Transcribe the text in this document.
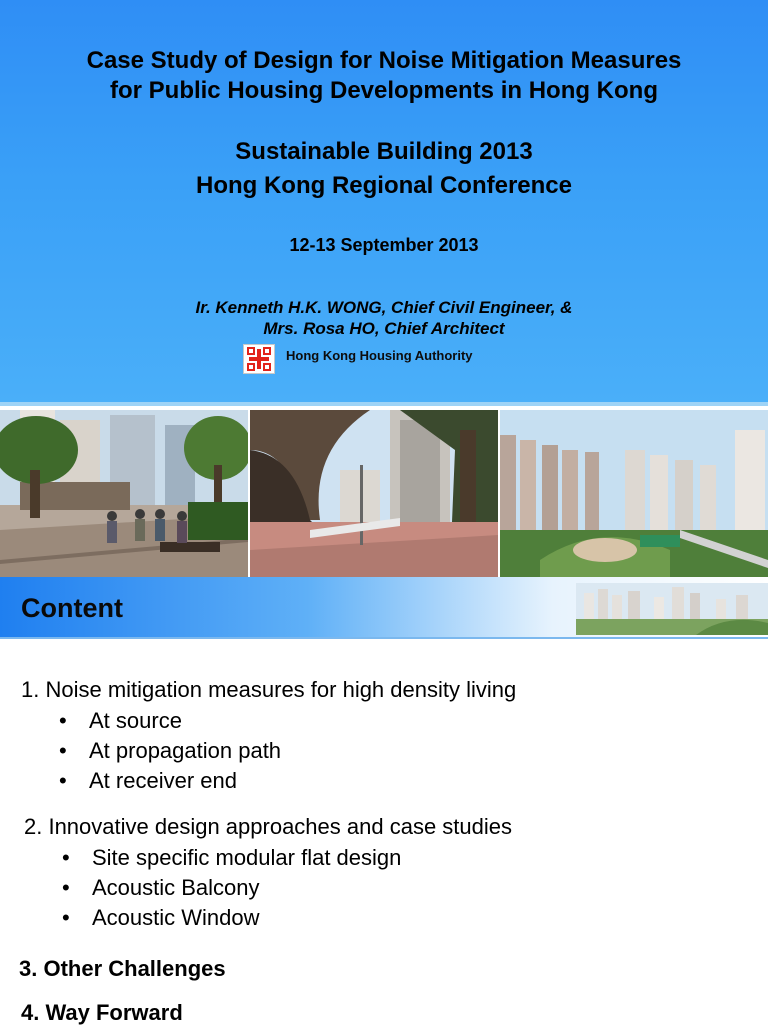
Case Study of Design for Noise Mitigation Measures
for Public Housing Developments in Hong Kong
Sustainable Building 2013
Hong Kong Regional Conference
12-13 September 2013
Ir. Kenneth H.K. WONG, Chief Civil Engineer, &
Mrs. Rosa HO, Chief Architect
Hong Kong Housing Authority
Content
1. Noise mitigation measures for high density living
• At source
• At propagation path
• At receiver end
2. Innovative design approaches and case studies
• Site specific modular flat design
• Acoustic Balcony
• Acoustic Window
3. Other Challenges
4. Way Forward
